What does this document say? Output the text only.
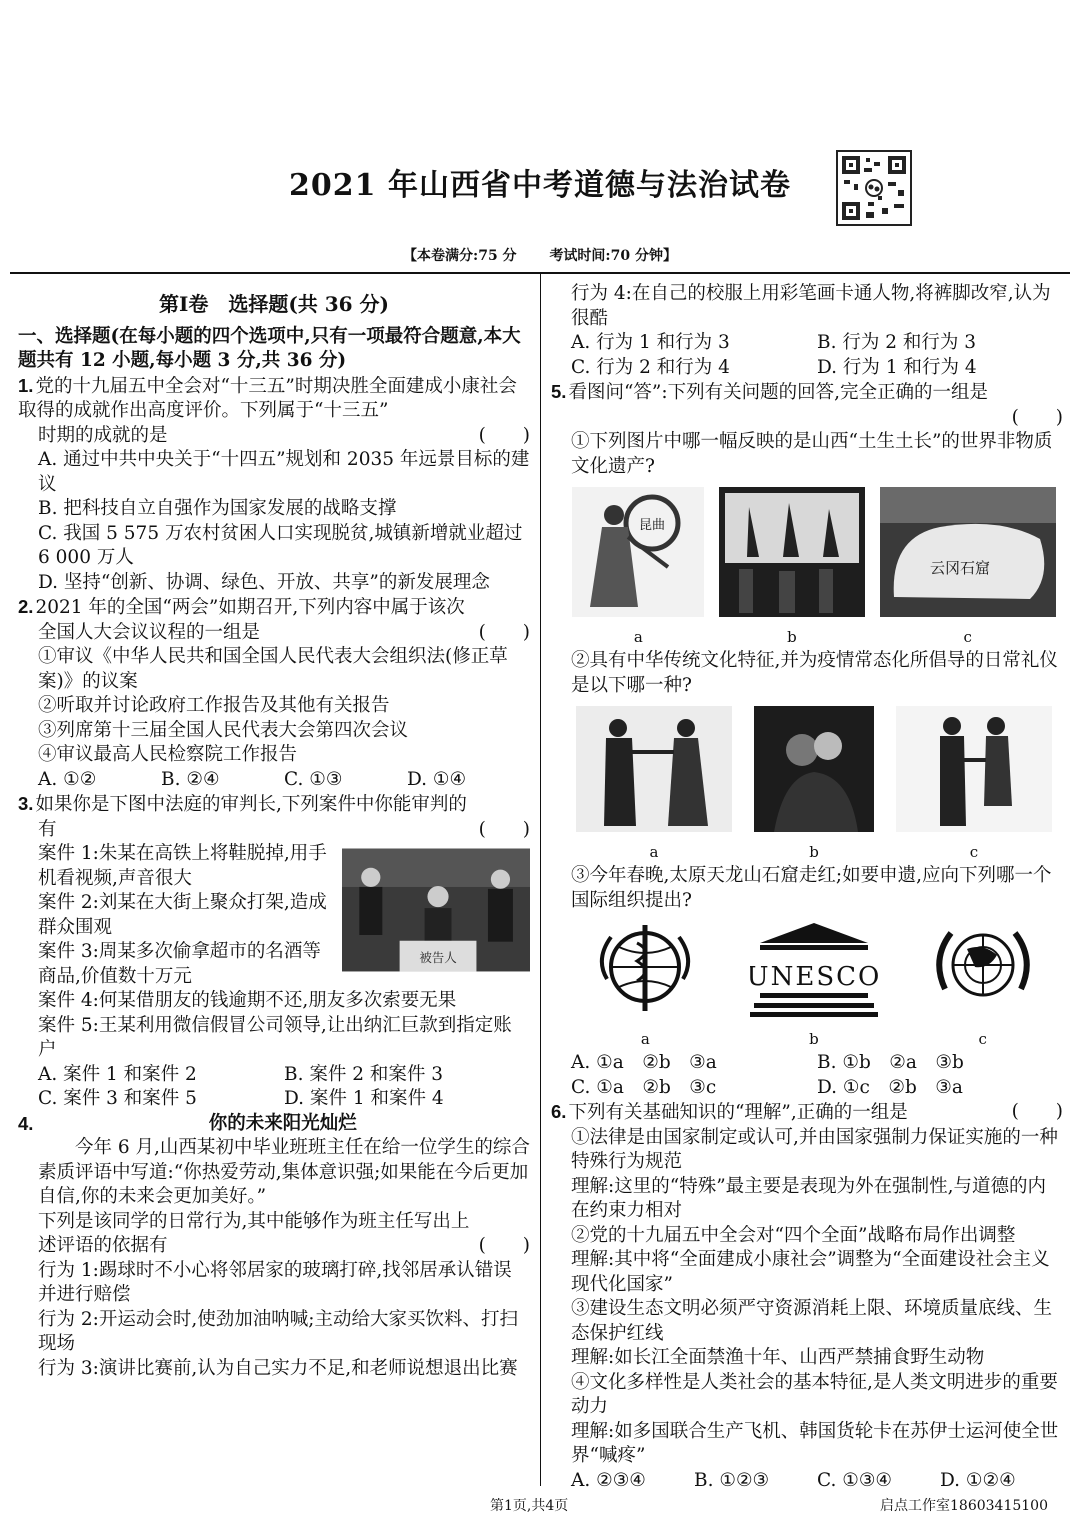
2021 年山西省中考道德与法治试卷
【本卷满分:75 分 考试时间:70 分钟】

第Ⅰ卷　选择题(共 36 分)

一、选择题(在每小题的四个选项中,只有一项最符合题意,本大题共有 12 小题,每小题 3 分,共 36 分)

1. 党的十九届五中全会对“十三五”时期决胜全面建成小康社会取得的成就作出高度评价。下列属于“十三五”

时期的成就的是	(　　)

A. 通过中共中央关于“十四五”规划和 2035 年远景目标的建议

B. 把科技自立自强作为国家发展的战略支撑

C. 我国 5 575 万农村贫困人口实现脱贫,城镇新增就业超过 6 000 万人

D. 坚持“创新、协调、绿色、开放、共享”的新发展理念

2. 2021 年的全国“两会”如期召开,下列内容中属于该次

全国人大会议议程的一组是	(　　)

①审议《中华人民共和国全国人民代表大会组织法(修正草案)》的议案

②听取并讨论政府工作报告及其他有关报告

③列席第十三届全国人民代表大会第四次会议

④审议最高人民检察院工作报告

A. ①②	B. ②④	C. ①③	D. ①④

3. 如果你是下图中法庭的审判长,下列案件中你能审判的

有	(　　)

案件 1:朱某在高铁上将鞋脱掉,用手机看视频,声音很大

案件 2:刘某在大街上聚众打架,造成群众围观

案件 3:周某多次偷拿超市的名酒等商品,价值数十万元

被告人

案件 4:何某借朋友的钱逾期不还,朋友多次索要无果

案件 5:王某利用微信假冒公司领导,让出纳汇巨款到指定账户

A. 案件 1 和案件 2	B. 案件 2 和案件 3

C. 案件 3 和案件 5	D. 案件 1 和案件 4

4.	你的未来阳光灿烂

今年 6 月,山西某初中毕业班班主任在给一位学生的综合素质评语中写道:“你热爱劳动,集体意识强;如果能在今后更加自信,你的未来会更加美好。”

下列是该同学的日常行为,其中能够作为班主任写出上

述评语的依据有	(　　)

行为 1:踢球时不小心将邻居家的玻璃打碎,找邻居承认错误并进行赔偿

行为 2:开运动会时,使劲加油呐喊;主动给大家买饮料、打扫现场

行为 3:演讲比赛前,认为自己实力不足,和老师说想退出比赛

行为 4:在自己的校服上用彩笔画卡通人物,将裤脚改窄,认为很酷

A. 行为 1 和行为 3	B. 行为 2 和行为 3

C. 行为 2 和行为 4	D. 行为 1 和行为 4

5. 看图问“答”:下列有关问题的回答,完全正确的一组是

(　　)

①下列图片中哪一幅反映的是山西“土生土长”的世界非物质文化遗产?

昆曲
a	b
云冈石窟
c

②具有中华传统文化特征,并为疫情常态化所倡导的日常礼仪是以下哪一种?

a	b	c

③今年春晚,太原天龙山石窟走红;如要申遗,应向下列哪一个国际组织提出?

a
UNESCO
b	c

A. ①a　②b　③a	B. ①b　②a　③b

C. ①a　②b　③c	D. ①c　②b　③a

6. 下列有关基础知识的“理解”,正确的一组是	(　　)

①法律是由国家制定或认可,并由国家强制力保证实施的一种特殊行为规范

理解:这里的“特殊”最主要是表现为外在强制性,与道德的内在约束力相对

②党的十九届五中全会对“四个全面”战略布局作出调整

理解:其中将“全面建成小康社会”调整为“全面建设社会主义现代化国家”

③建设生态文明必须严守资源消耗上限、环境质量底线、生态保护红线

理解:如长江全面禁渔十年、山西严禁捕食野生动物

④文化多样性是人类社会的基本特征,是人类文明进步的重要动力

理解:如多国联合生产飞机、韩国货轮卡在苏伊士运河使全世界“喊疼”

A. ②③④	B. ①②③	C. ①③④	D. ①②④

第1页,共4页	启点工作室18603415100
